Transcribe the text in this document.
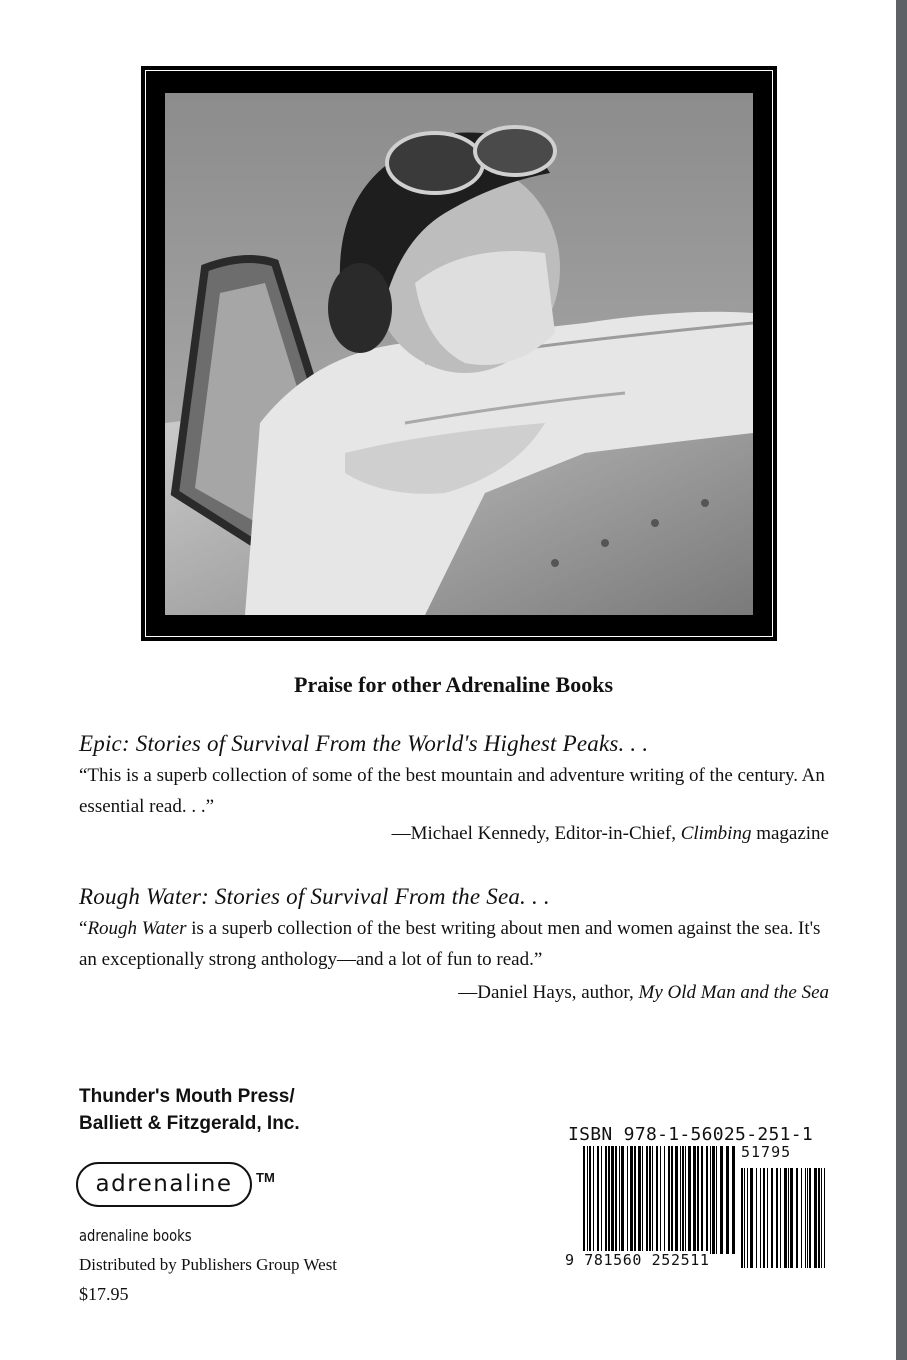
Praise for other Adrenaline Books
Epic: Stories of Survival From the World's Highest Peaks. . .
“This is a superb collection of some of the best mountain and adventure writing of the century. An essential read. . .”
—Michael Kennedy, Editor-in-Chief, Climbing magazine
Rough Water: Stories of Survival From the Sea. . .
“Rough Water is a superb collection of the best writing about men and women against the sea. It's an exceptionally strong anthology—and a lot of fun to read.”
—Daniel Hays, author, My Old Man and the Sea
Thunder's Mouth Press/
Balliett & Fitzgerald, Inc.
adrenaline	TM
adrenaline books
Distributed by Publishers Group West
$17.95
ISBN 978-1-56025-251-1
51795
9 781560 252511
